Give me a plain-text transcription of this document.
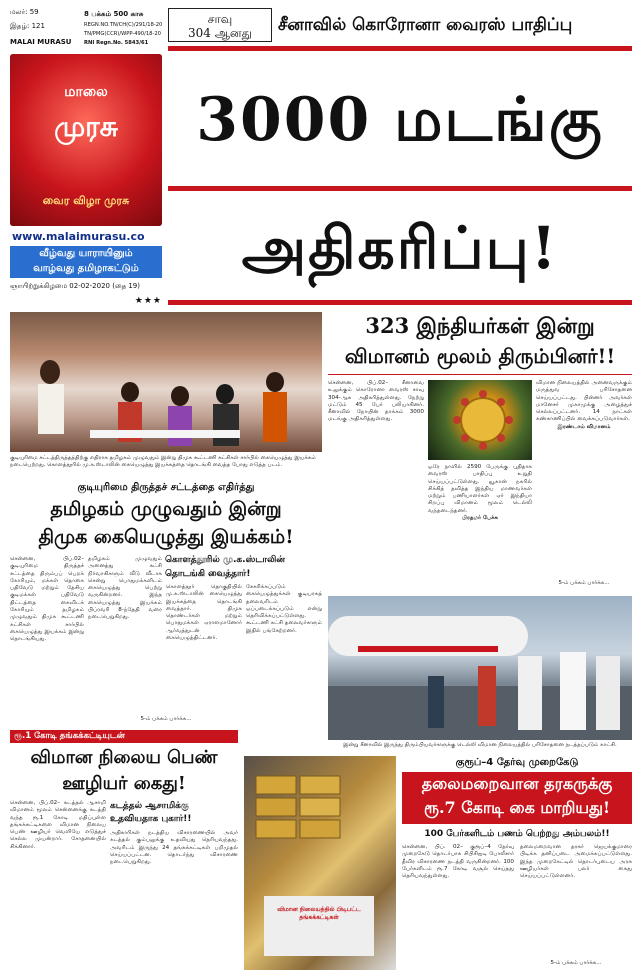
மலர்: 59
இதழ்: 121
MALAI MURASU
8 பக்கம் 500 காசு
REGN.NO.TN/CH(C)/291/18-20
TN/PMG(CCR)/WPP-490/18-20
RNI Regn.No. 5843/61
மாலை
முரசு
வைர விழா முரசு
www.malaimurasu.co
வீழ்வது யாராயினும்
வாழ்வது தமிழாகட்டும்
ஞாயிற்றுக்கிழமை 02-02-2020 (தை 19)
★★★
சாவு
304 ஆனது	சீனாவில் கொரோனா வைரஸ் பாதிப்பு
3000 மடங்கு
அதிகரிப்பு!
குடியுரிமை சட்டத்திருத்தத்திற்கு எதிராக தமிழகம் முழுவதும் இன்று திமுக கூட்டணி கட்சிகள் சார்பில் கையெழுத்து இயக்கம் நடைபெற்றது. கொளத்தூரில் மு.க.ஸ்டாலின் கையெழுத்து இயக்கத்தை தொடங்கி வைத்த போது எடுத்த படம்.
குடியுரிமை திருத்தச் சட்டத்தை எதிர்த்து
தமிழகம் முழுவதும் இன்று
திமுக கையெழுத்து இயக்கம்!
கொளத்தூரில் மு.க.ஸ்டாலின்
தொடங்கி வைத்தார்!

சென்னை, பிப்.02– குடியுரிமை திருத்தச் சட்டத்தை திரும்பப் பெறக் கோரியும், மக்கள் தொகை பதிவேடு மற்றும் தேசிய குடிமக்கள் பதிவேடு திட்டத்தை கைவிடக் கோரியும் தமிழகம் முழுவதும் திமுக கூட்டணி கட்சிகள் சார்பில் கையெழுத்து இயக்கம் இன்று தொடங்கியது.

தமிழகம் முழுவதும் அனைத்து கட்சி நிர்வாகிகளும் வீடு வீடாக சென்று பொதுமக்களிடம் கையெழுத்து பெற்று வருகின்றனர். இந்த கையெழுத்து இயக்கம் பிப்ரவரி 8-ந்தேதி வரை நடைபெறுகிறது.

கொளத்தூர் தொகுதியில் மு.க.ஸ்டாலின் கையெழுத்து இயக்கத்தை தொடங்கி வைத்தார். திமுக தொண்டர்கள் மற்றும் பொதுமக்கள் ஏராளமானோர் ஆர்வத்துடன் கையெழுத்திட்டனர்.

சேகரிக்கப்படும் கையெழுத்துக்கள் குடியரசுத் தலைவரிடம் ஒப்படைக்கப்படும் என்று தெரிவிக்கப்பட்டுள்ளது. கூட்டணி கட்சி தலைவர்களும் இதில் பங்கேற்றனர்.

5-ம் பக்கம் பார்க்க...
323 இந்தியர்கள் இன்று
விமானம் மூலம் திரும்பினர்!!

சென்னை, பிப்.02– சீனாவை உலுக்கும் கொரோனா வைரஸ் சாவு 304-ஆக அதிகரித்துள்ளது. நேற்று மட்டும் 45 பேர் பலியாகினர். சீனாவில் நோயின் தாக்கம் 3000 மடங்கு அதிகரித்துள்ளது.

ஒரே நாளில் 2590 பேருக்கு புதிதாக வைரஸ் பாதிப்பு உறுதி செய்யப்பட்டுள்ளது. வூகான் நகரில் சிக்கித் தவித்த இந்திய மாணவர்கள் மற்றும் பணியாளர்கள் ஏர் இந்தியா சிறப்பு விமானம் மூலம் டெல்லி வந்தடைந்தனர்.

பிரதமர் பேச்சு

விமான நிலையத்தில் அனைவருக்கும் மருத்துவ பரிசோதனை செய்யப்பட்டது. பின்னர் அவர்கள் மானேசர் முகாமுக்கு அழைத்துச் செல்லப்பட்டனர். 14 நாட்கள் கண்காணிப்பில் வைக்கப்படுவார்கள்.

இரண்டாம் விமானம்

5-ம் பக்கம் பார்க்க...
இன்று சீனாவில் இருந்து திரும்பியவர்களுக்கு டெல்லி விமான நிலையத்தில் பரிசோதனை நடத்தப்படும் காட்சி.
ரூ.1 கோடி தங்கக்கட்டியுடன்
விமான நிலைய பெண்
ஊழியர் கைது!
கடத்தல் ஆசாமிக்கு
உதவியதாக புகார்!!

சென்னை, பிப்.02– கடத்தல் ஆசாமி விமானம் மூலம் சென்னைக்கு கடத்தி வந்த ரூ.1 கோடி மதிப்புள்ள தங்கக்கட்டிகளை விமான நிலைய பெண் ஊழியர் வெளியே எடுத்துச் செல்ல முயன்றார். சோதனையில் சிக்கினார்.

அதிகாரிகள் நடத்திய விசாரணையில் அவர் கடத்தல் கும்பலுக்கு உதவியது தெரியவந்தது. அவரிடம் இருந்து 24 தங்கக்கட்டிகள் பறிமுதல் செய்யப்பட்டன. தொடர்ந்து விசாரணை நடைபெறுகிறது.

விமான நிலையத்தில் பிடிபட்ட தங்கக்கட்டிகள்
குரூப்–4 தேர்வு முறைகேடு
தலைமறைவான தரகருக்கு
ரூ.7 கோடி கை மாறியது!
100 பேர்களிடம் பணம் பெற்றது அம்பலம்!!

சென்னை, பிப். 02– குரூப்–4 தேர்வு முறைகேடு தொடர்பாக சிபிசிஐடி போலீசார் தீவிர விசாரணை நடத்தி வருகின்றனர். 100 பேர்களிடம் ரூ.7 கோடி வசூல் செய்தது தெரியவந்துள்ளது.

தலைமறைவான தரகர் ஜெயக்குமாரை பிடிக்க தனிப்படை அமைக்கப்பட்டுள்ளது. இந்த முறைகேட்டில் தொடர்புடைய அரசு ஊழியர்கள் பலர் கைது செய்யப்பட்டுள்ளனர்.

5-ம் பக்கம் பார்க்க...
